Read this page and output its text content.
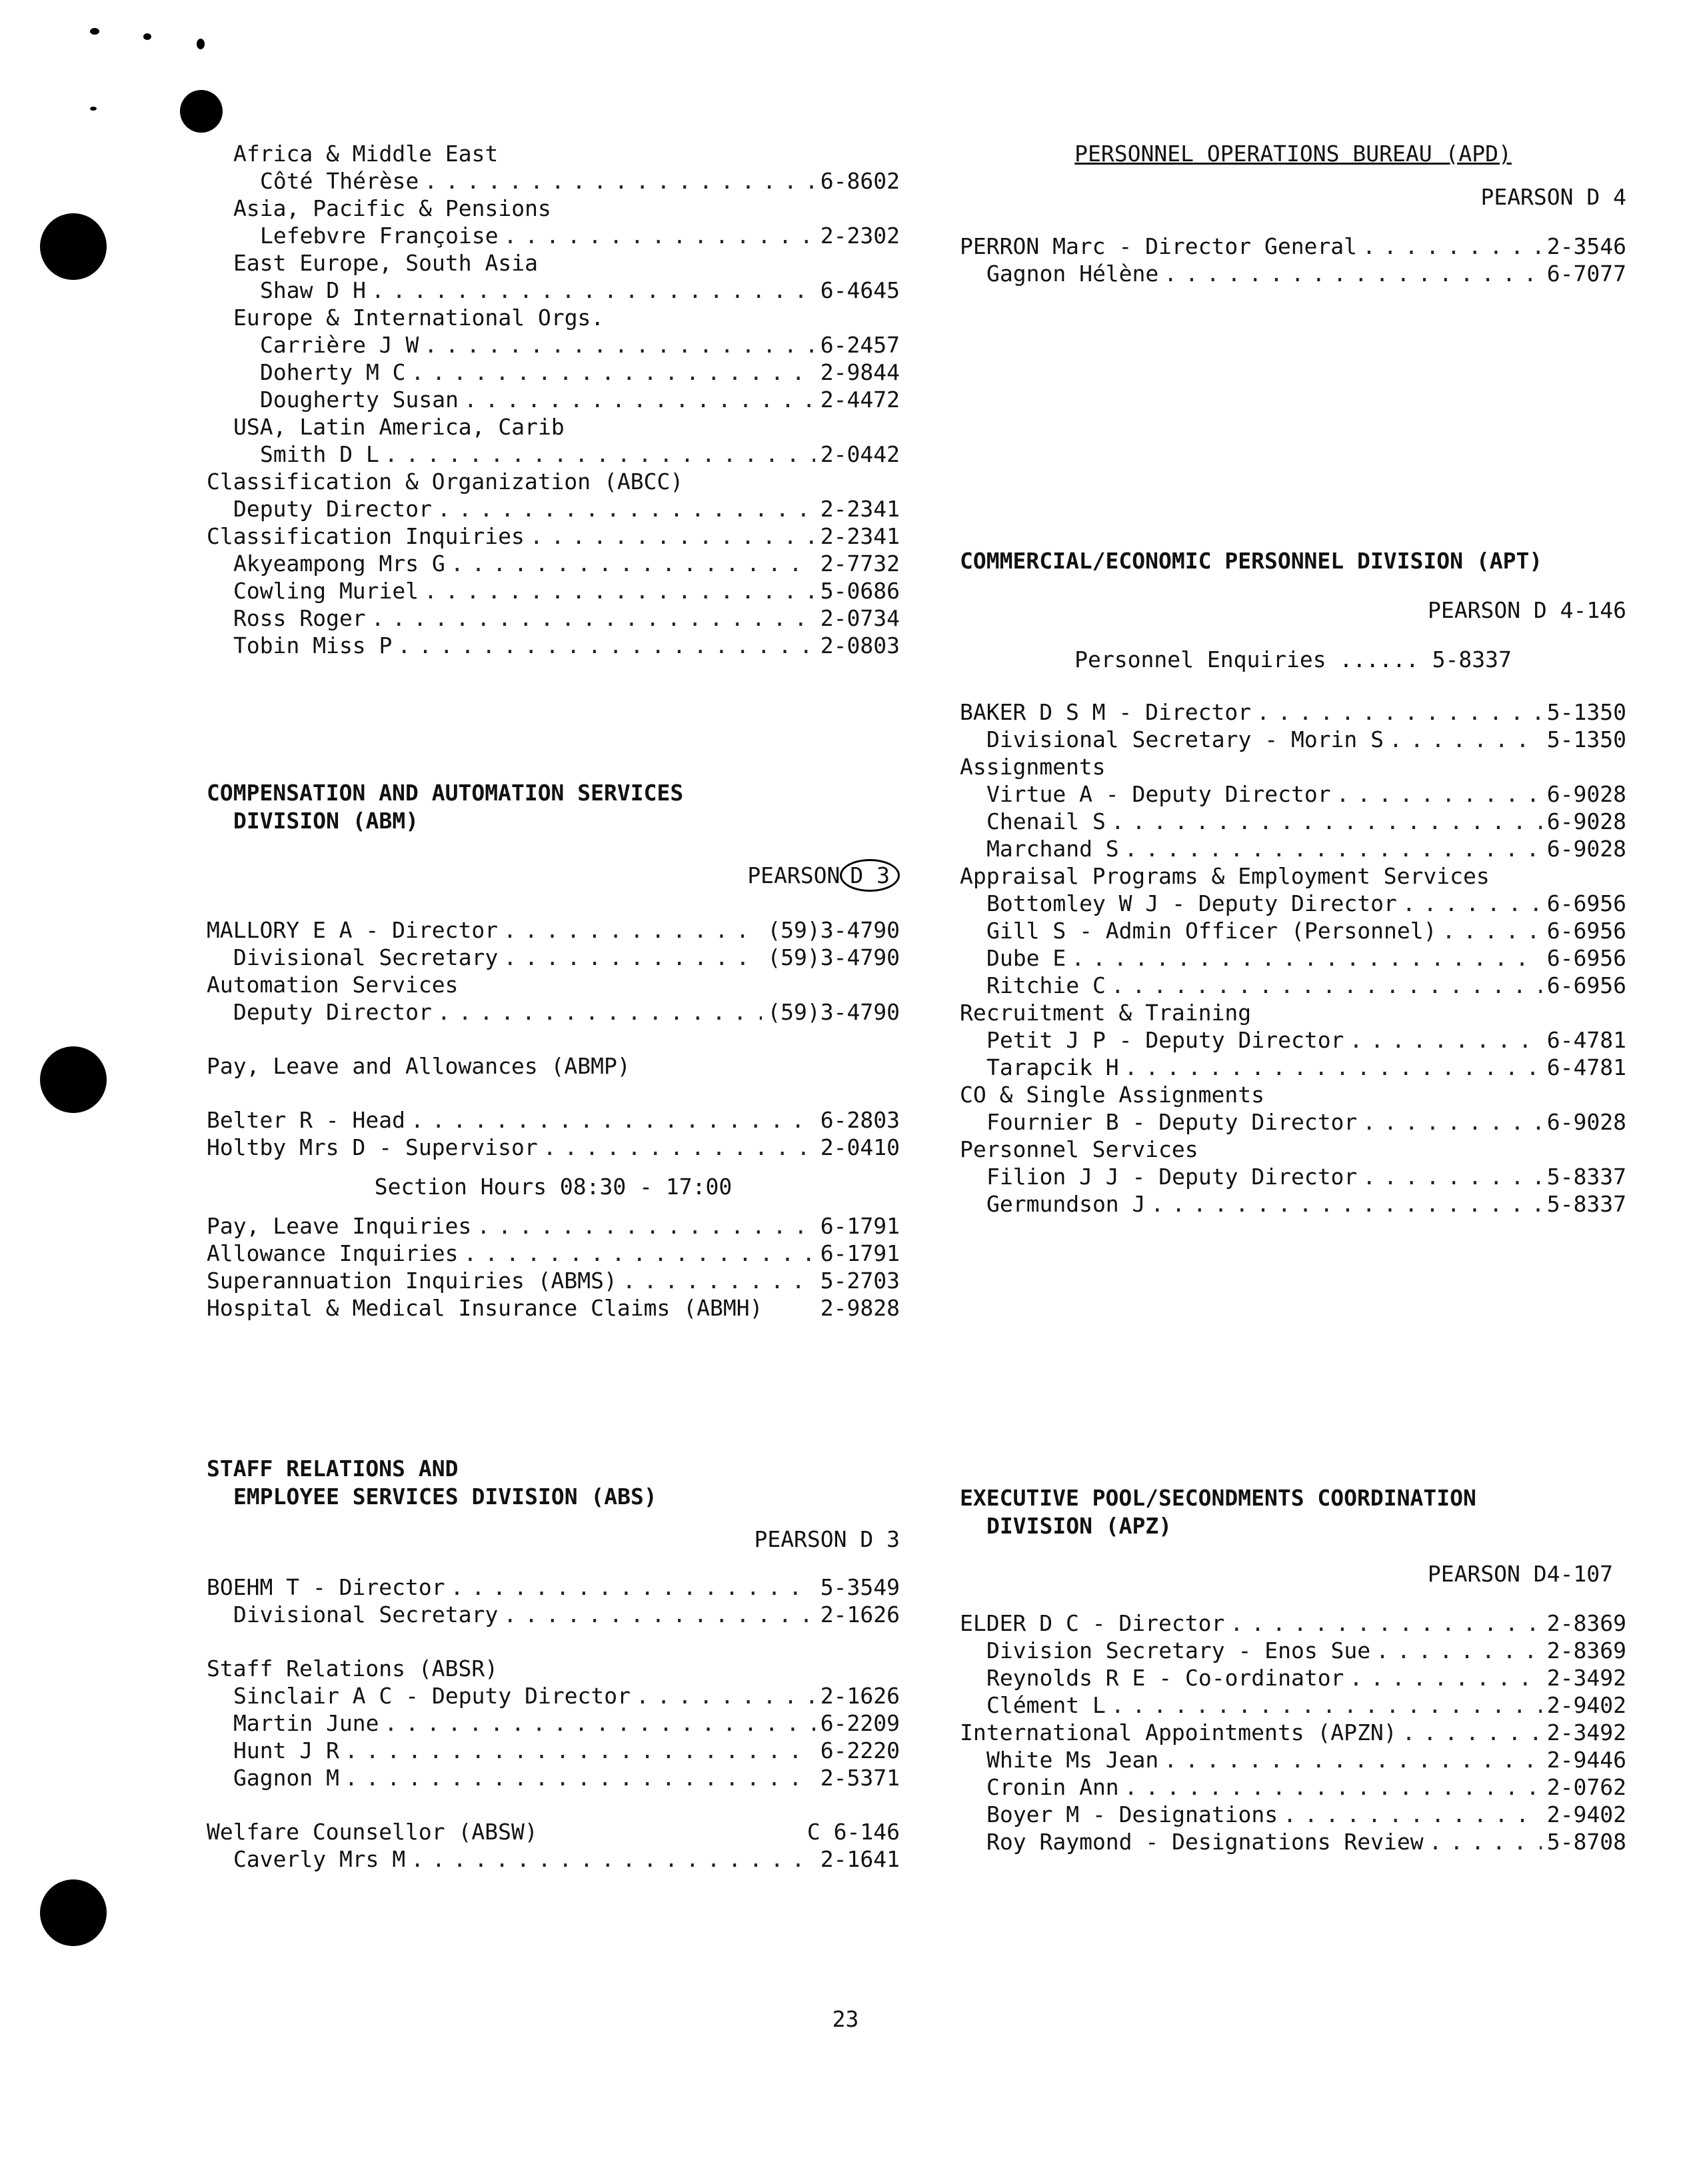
Africa & Middle East
Côté Thérèse . . .	6-8602
Asia, Pacific & Pensions
Lefebvre Françoise . . .	2-2302
East Europe, South Asia
Shaw D H . . .	6-4645
Europe & International Orgs.
Carrière J W . . .	6-2457
Doherty M C . . .	2-9844
Dougherty Susan . . .	2-4472
USA, Latin America, Carib
Smith D L . . .	2-0442
Classification & Organization (ABCC)
Deputy Director . . .	2-2341
Classification Inquiries . . .	2-2341
Akyeampong Mrs G . . .	2-7732
Cowling Muriel . . .	5-0686
Ross Roger . . .	2-0734
Tobin Miss P . . .	2-0803

COMPENSATION AND AUTOMATION SERVICES
DIVISION (ABM)

PEARSON D 3
MALLORY E A - Director . . .	(59)3-4790
Divisional Secretary . . .	(59)3-4790
Automation Services
Deputy Director . . .	(59)3-4790
Pay, Leave and Allowances (ABMP)
Belter R - Head . . .	6-2803
Holtby Mrs D - Supervisor . . .	2-0410
Section Hours 08:30 - 17:00
Pay, Leave Inquiries . . .	6-1791
Allowance Inquiries . . .	6-1791
Superannuation Inquiries (ABMS) . . .	5-2703
Hospital & Medical Insurance Claims (ABMH)	2-9828

STAFF RELATIONS AND
EMPLOYEE SERVICES DIVISION (ABS)

PEARSON D 3
BOEHM T - Director . . .	5-3549
Divisional Secretary . . .	2-1626
Staff Relations (ABSR)
Sinclair A C - Deputy Director . . .	2-1626
Martin June . . .	6-2209
Hunt J R . . .	6-2220
Gagnon M . . .	2-5371
Welfare Counsellor (ABSW)	C 6-146
Caverly Mrs M . . .	2-1641
PERSONNEL OPERATIONS BUREAU (APD)
PEARSON D 4
PERRON Marc - Director General . . .	2-3546
Gagnon Hélène . . .	6-7077

COMMERCIAL/ECONOMIC PERSONNEL DIVISION (APT)

PEARSON D 4-146
Personnel Enquiries ...... 5-8337
BAKER D S M - Director . . .	5-1350
Divisional Secretary - Morin S . . .	5-1350
Assignments
Virtue A - Deputy Director . . .	6-9028
Chenail S . . .	6-9028
Marchand S . . .	6-9028
Appraisal Programs & Employment Services
Bottomley W J - Deputy Director . . .	6-6956
Gill S - Admin Officer (Personnel) . . .	6-6956
Dube E . . .	6-6956
Ritchie C . . .	6-6956
Recruitment & Training
Petit J P - Deputy Director . . .	6-4781
Tarapcik H . . .	6-4781
CO & Single Assignments
Fournier B - Deputy Director . . .	6-9028
Personnel Services
Filion J J - Deputy Director . . .	5-8337
Germundson J . . .	5-8337

EXECUTIVE POOL/SECONDMENTS COORDINATION
DIVISION (APZ)

PEARSON D4-107
ELDER D C - Director . . .	2-8369
Division Secretary - Enos Sue . . .	2-8369
Reynolds R E - Co-ordinator . . .	2-3492
Clément L . . .	2-9402
International Appointments (APZN) . . .	2-3492
White Ms Jean . . .	2-9446
Cronin Ann . . .	2-0762
Boyer M - Designations . . .	2-9402
Roy Raymond - Designations Review . . .	5-8708
23
